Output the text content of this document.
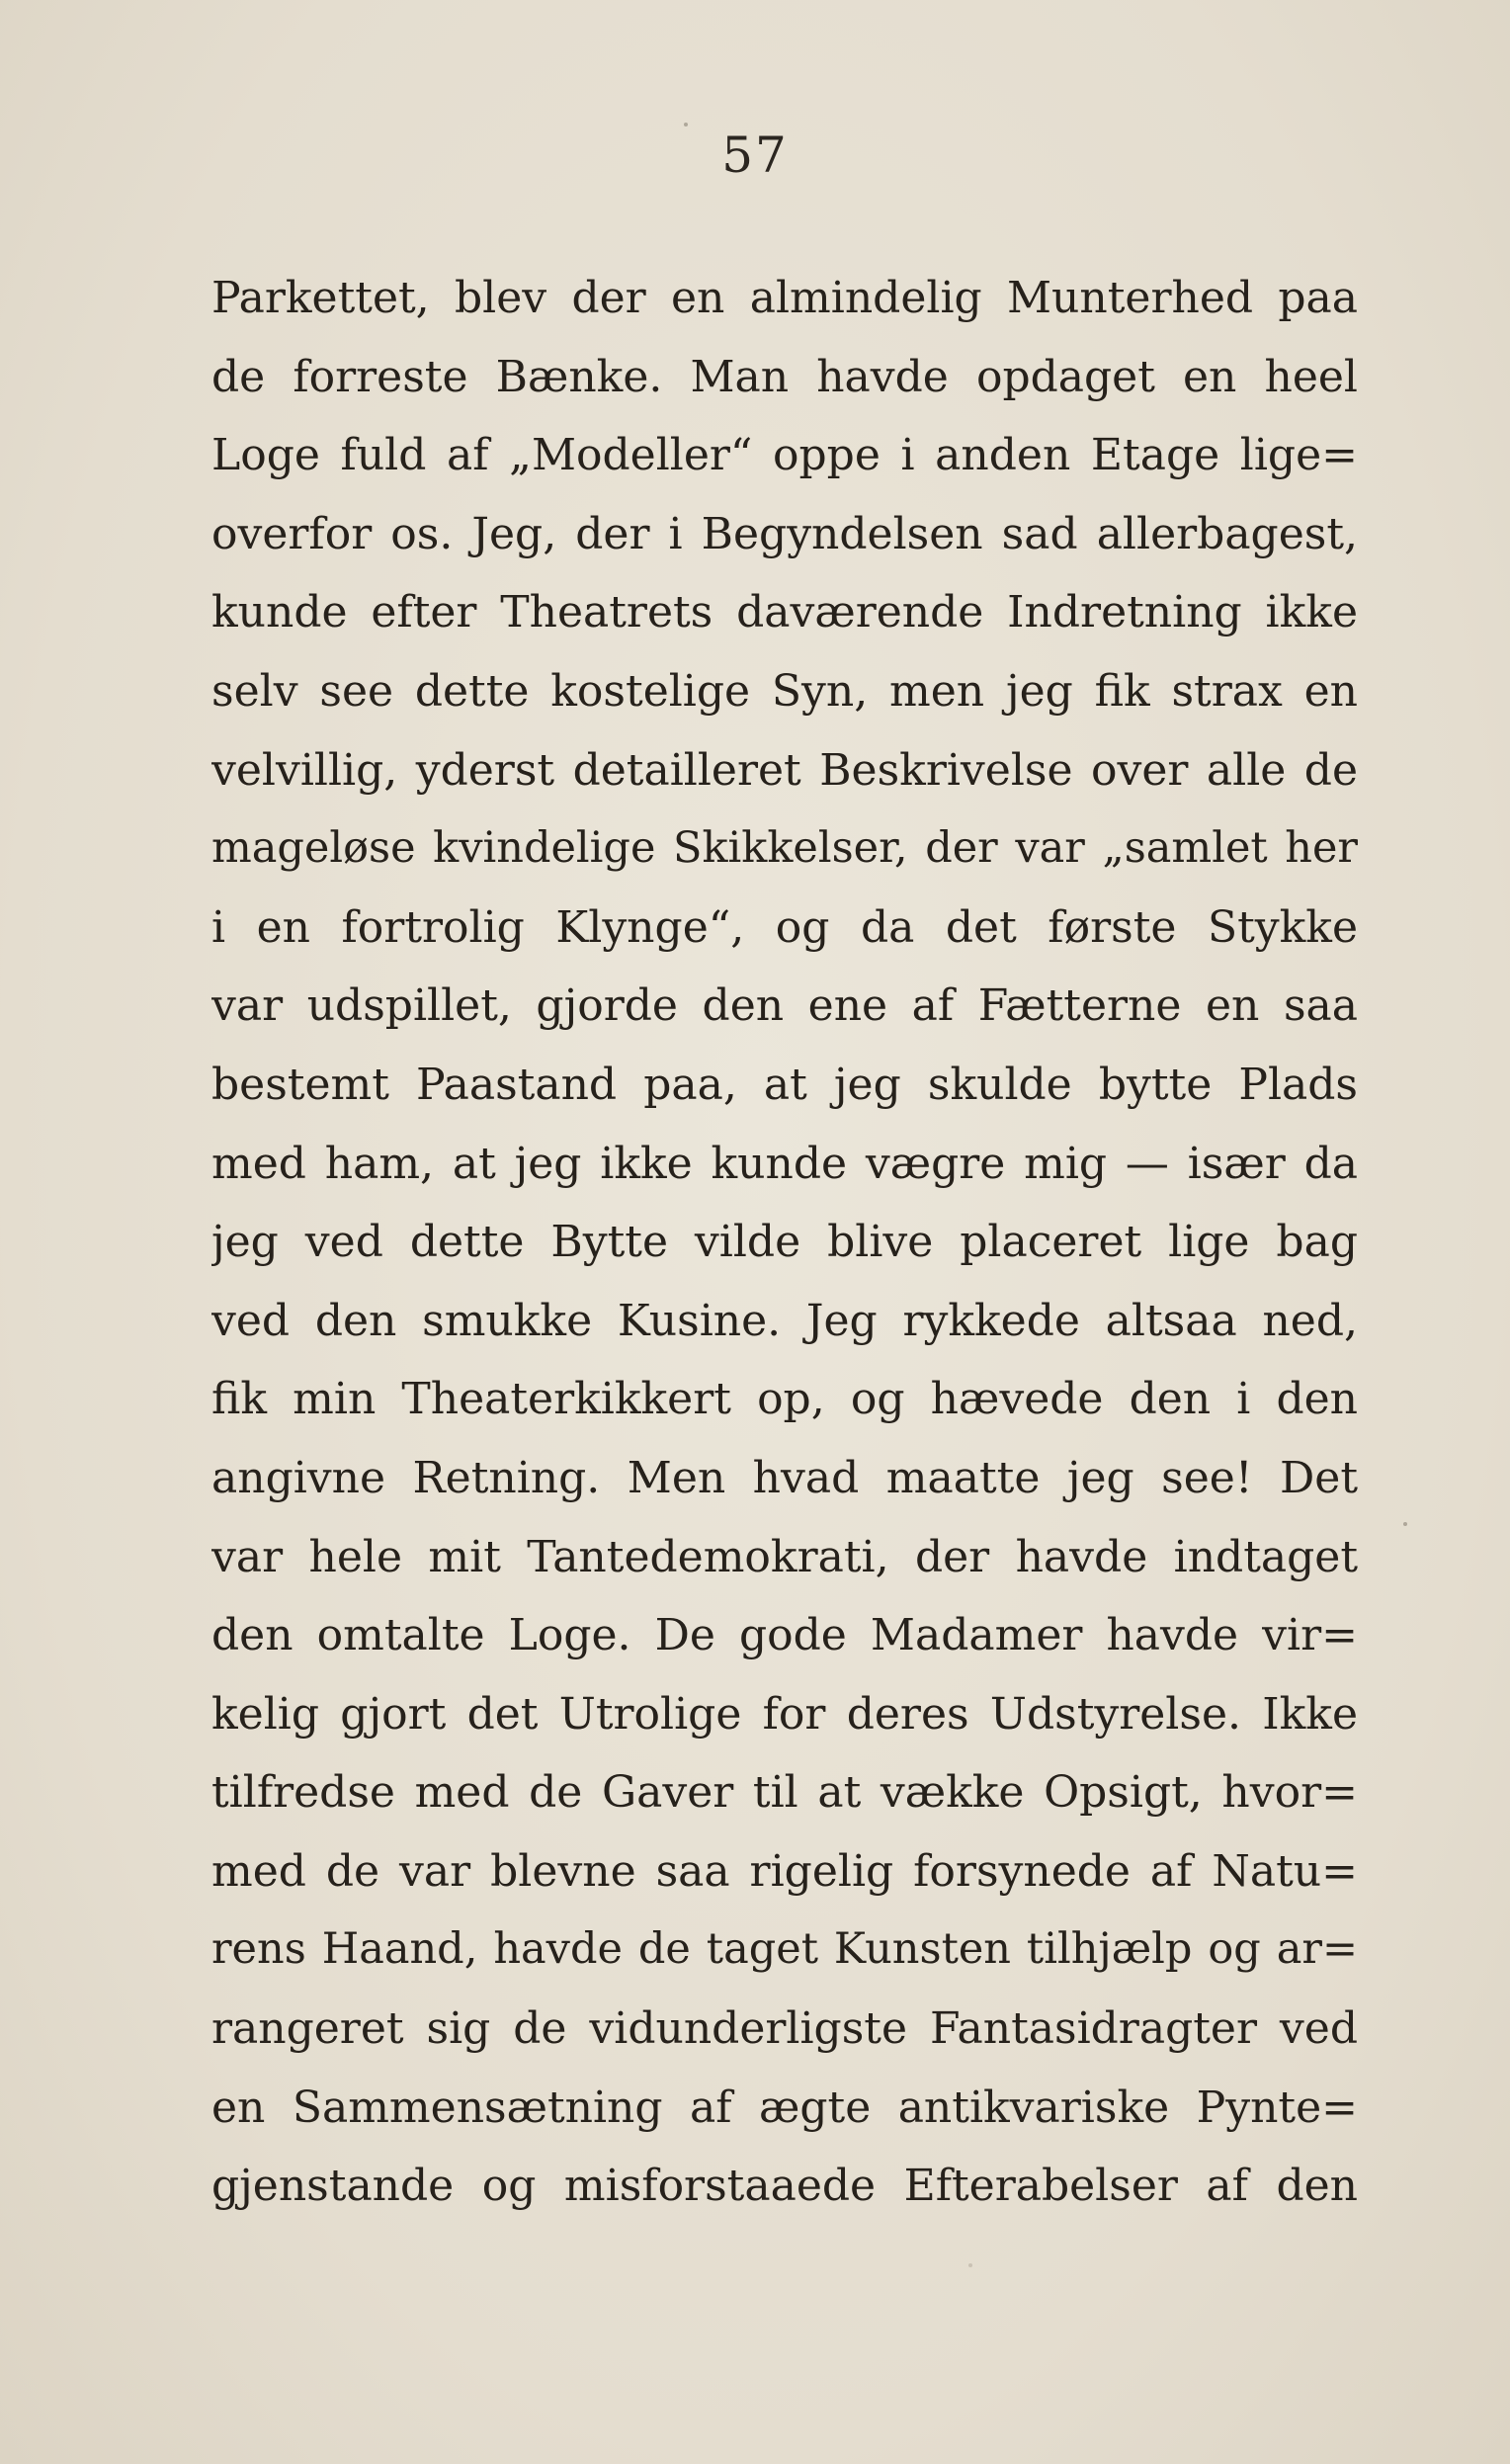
57
Parkettet, blev der en almindelig Munterhed paa
de forreste Bænke. Man havde opdaget en heel
Loge fuld af „Modeller“ oppe i anden Etage lige=
overfor os. Jeg, der i Begyndelsen sad allerbagest,
kunde efter Theatrets daværende Indretning ikke
selv see dette kostelige Syn, men jeg fik strax en
velvillig, yderst detailleret Beskrivelse over alle de
mageløse kvindelige Skikkelser, der var „samlet her
i en fortrolig Klynge“, og da det første Stykke
var udspillet, gjorde den ene af Fætterne en saa
bestemt Paastand paa, at jeg skulde bytte Plads
med ham, at jeg ikke kunde vægre mig — især da
jeg ved dette Bytte vilde blive placeret lige bag
ved den smukke Kusine. Jeg rykkede altsaa ned,
fik min Theaterkikkert op, og hævede den i den
angivne Retning. Men hvad maatte jeg see! Det
var hele mit Tantedemokrati, der havde indtaget
den omtalte Loge. De gode Madamer havde vir=
kelig gjort det Utrolige for deres Udstyrelse. Ikke
tilfredse med de Gaver til at vække Opsigt, hvor=
med de var blevne saa rigelig forsynede af Natu=
rens Haand, havde de taget Kunsten tilhjælp og ar=
rangeret sig de vidunderligste Fantasidragter ved
en Sammensætning af ægte antikvariske Pynte=
gjenstande og misforstaaede Efterabelser af den
